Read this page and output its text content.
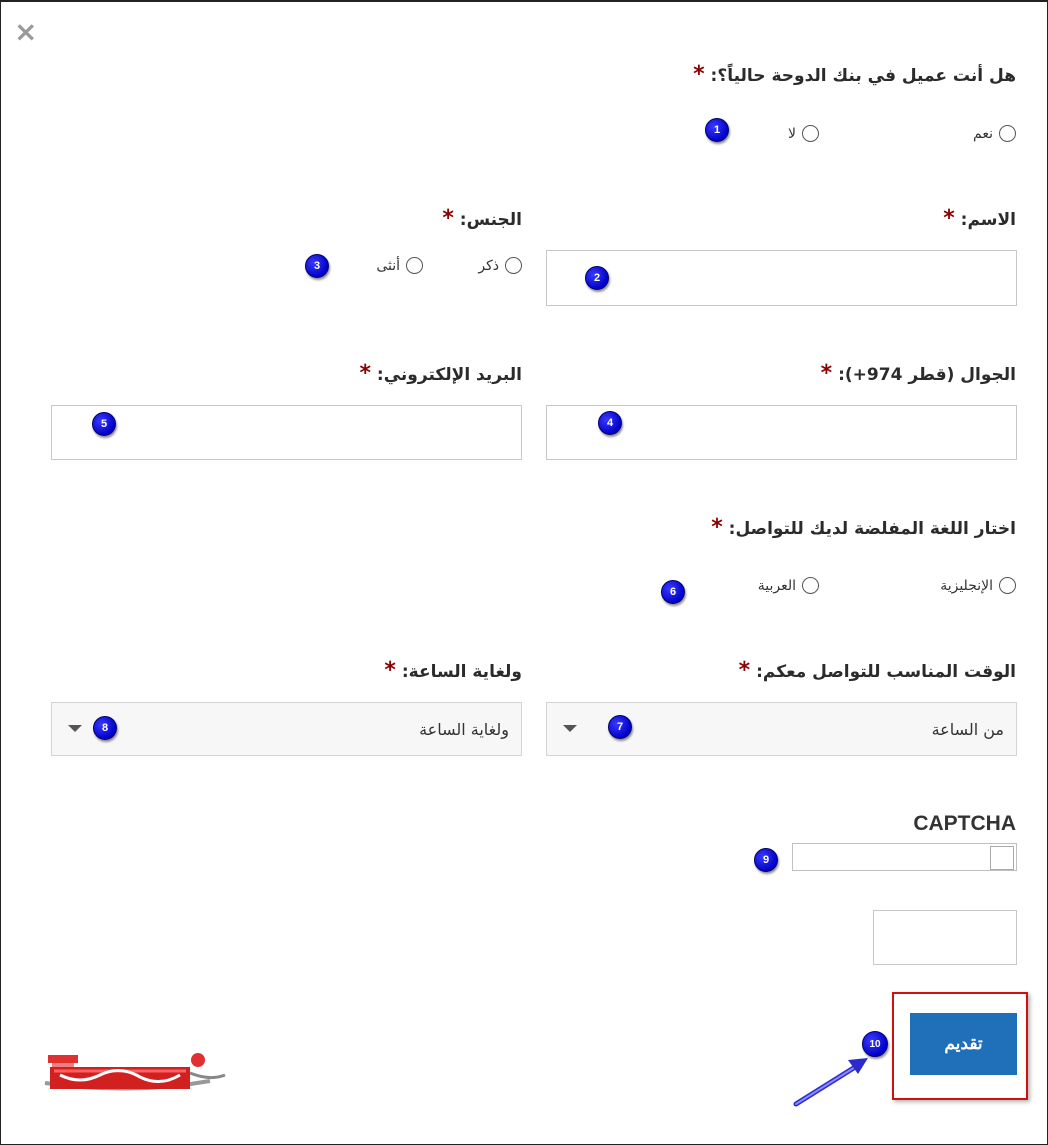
×
هل أنت عميل في بنك الدوحة حالياً؟: *
نعم
لا
الاسم: *
الجنس: *
ذكر
أنثى
الجوال (قطر 974+): *
البريد الإلكتروني: *
اختار اللغة المفلضة لديك للتواصل: *
الإنجليزية
العربية
الوقت المناسب للتواصل معكم: *
من الساعة
ولغاية الساعة: *
ولغاية الساعة
CAPTCHA
تقديم
1
2
3
4
5
6
7
8
9
10
